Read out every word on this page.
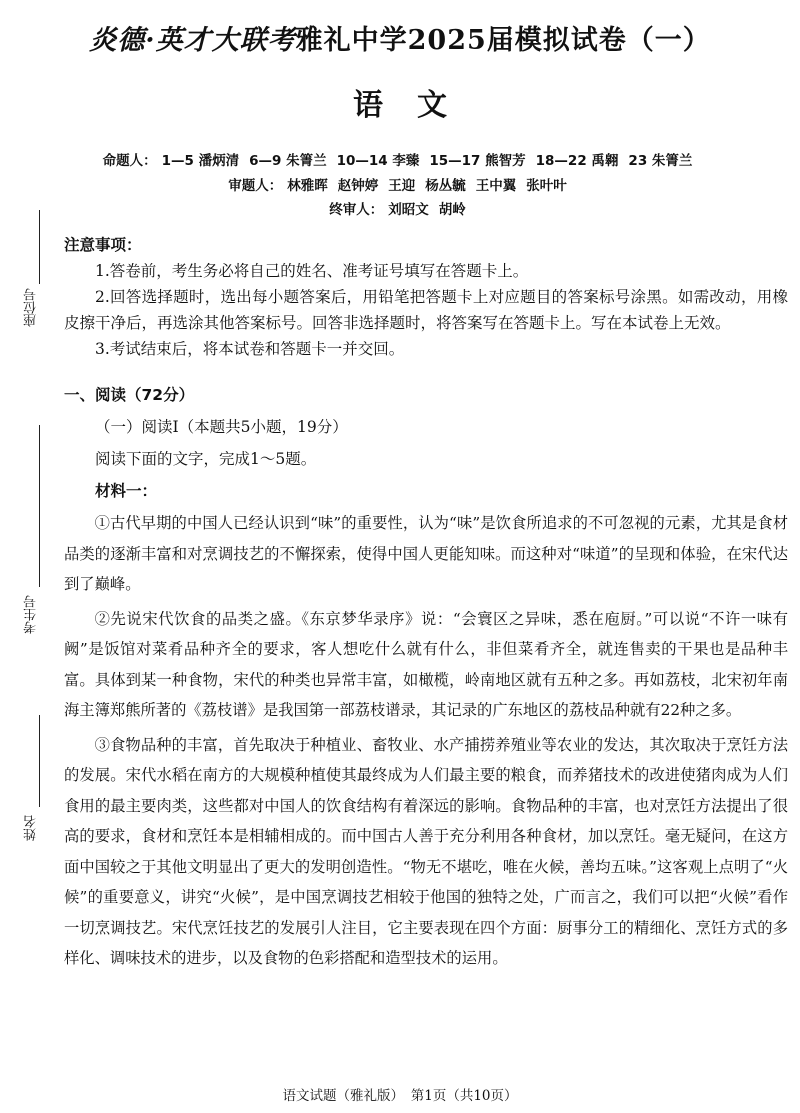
炎德·英才大联考雅礼中学2025届模拟试卷（一）
语文
命题人： 1—5 潘炳清 6—9 朱箐兰 10—14 李臻 15—17 熊智芳 18—22 禹翱 23 朱箐兰
审题人： 林雅晖 赵钟婷 王迎 杨丛毓 王中翼 张叶叶
终审人： 刘昭文 胡岭
座位号
考生号
姓名

注意事项：

1.答卷前，考生务必将自己的姓名、准考证号填写在答题卡上。

2.回答选择题时，选出每小题答案后，用铅笔把答题卡上对应题目的答案标号涂黑。如需改动，用橡皮擦干净后，再选涂其他答案标号。回答非选择题时，将答案写在答题卡上。写在本试卷上无效。

3.考试结束后，将本试卷和答题卡一并交回。

一、阅读（72分）

（一）阅读Ⅰ（本题共5小题，19分）

阅读下面的文字，完成1～5题。

材料一：

①古代早期的中国人已经认识到“味”的重要性，认为“味”是饮食所追求的不可忽视的元素，尤其是食材品类的逐渐丰富和对烹调技艺的不懈探索，使得中国人更能知味。而这种对“味道”的呈现和体验，在宋代达到了巅峰。

②先说宋代饮食的品类之盛。《东京梦华录序》说：“会寰区之异味，悉在庖厨。”可以说“不许一味有阙”是饭馆对菜肴品种齐全的要求，客人想吃什么就有什么，非但菜肴齐全，就连售卖的干果也是品种丰富。具体到某一种食物，宋代的种类也异常丰富，如橄榄，岭南地区就有五种之多。再如荔枝，北宋初年南海主簿郑熊所著的《荔枝谱》是我国第一部荔枝谱录，其记录的广东地区的荔枝品种就有22种之多。

③食物品种的丰富，首先取决于种植业、畜牧业、水产捕捞养殖业等农业的发达，其次取决于烹饪方法的发展。宋代水稻在南方的大规模种植使其最终成为人们最主要的粮食，而养猪技术的改进使猪肉成为人们食用的最主要肉类，这些都对中国人的饮食结构有着深远的影响。食物品种的丰富，也对烹饪方法提出了很高的要求，食材和烹饪本是相辅相成的。而中国古人善于充分利用各种食材，加以烹饪。毫无疑问，在这方面中国较之于其他文明显出了更大的发明创造性。“物无不堪吃，唯在火候，善均五味。”这客观上点明了“火候”的重要意义，讲究“火候”，是中国烹调技艺相较于他国的独特之处，广而言之，我们可以把“火候”看作一切烹调技艺。宋代烹饪技艺的发展引人注目，它主要表现在四个方面：厨事分工的精细化、烹饪方式的多样化、调味技术的进步，以及食物的色彩搭配和造型技术的运用。

语文试题（雅礼版）　第1页（共10页）
